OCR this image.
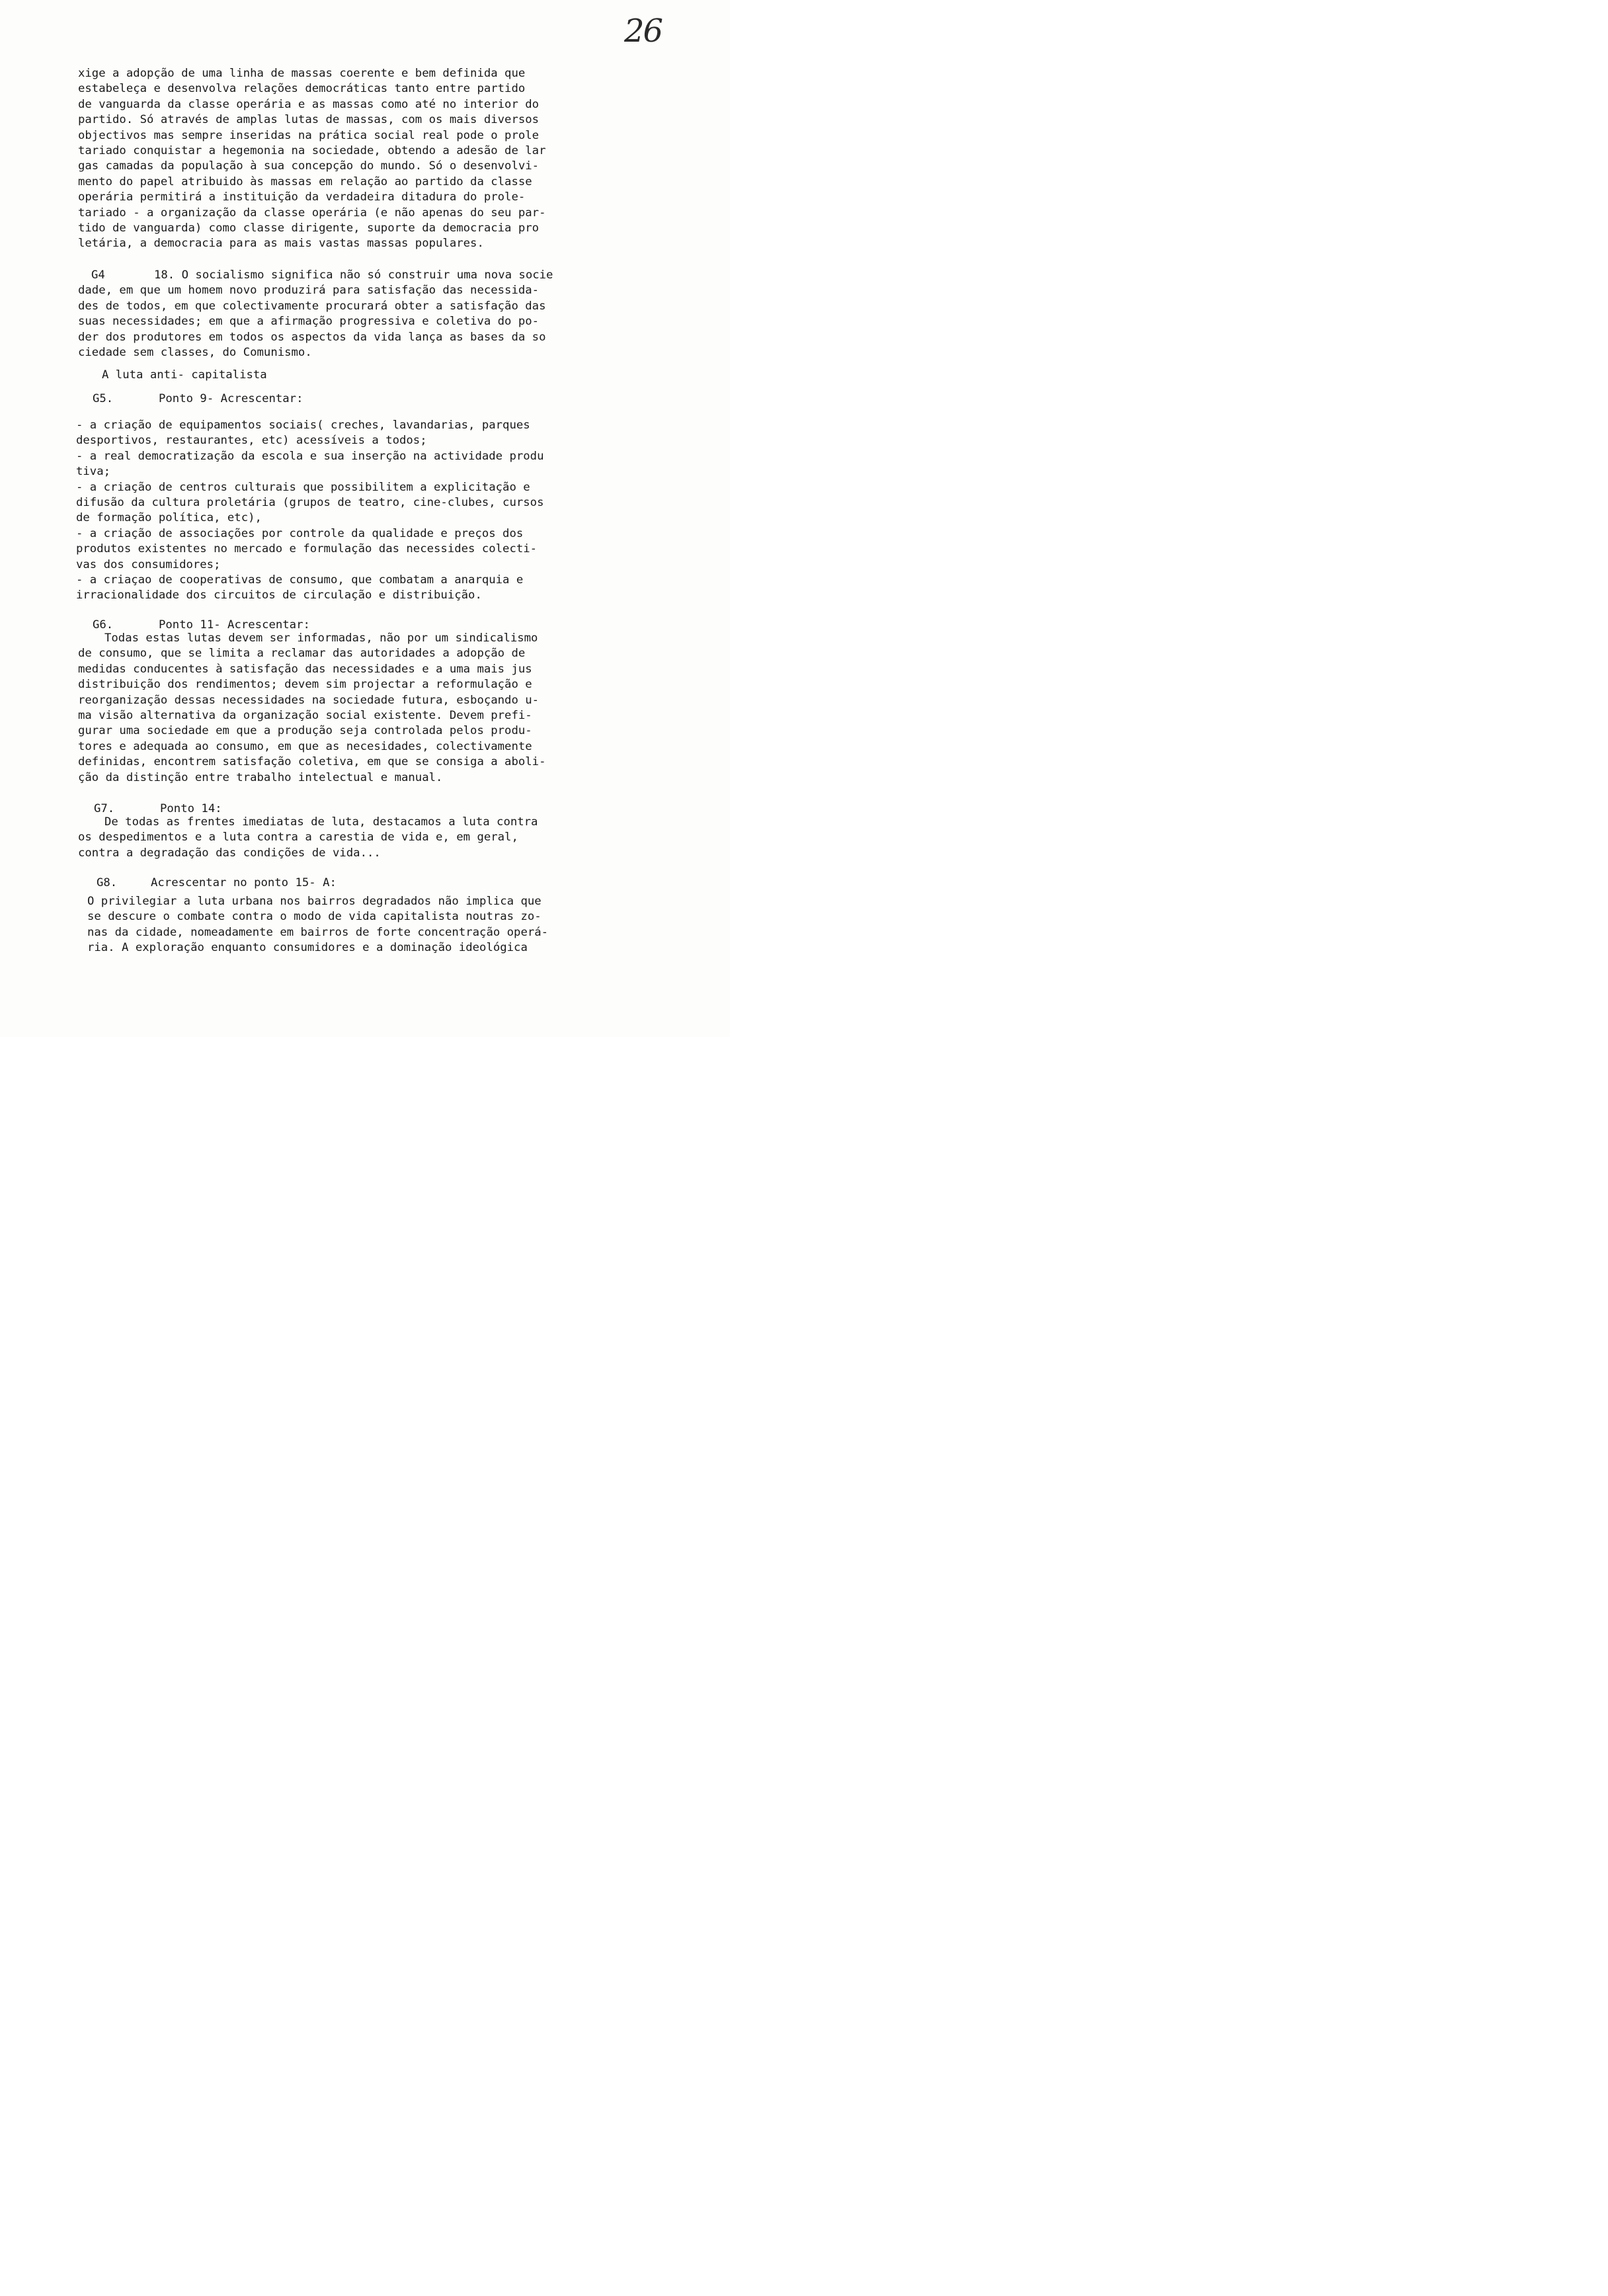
26
xige a adopção de uma linha de massas coerente e bem definida que
estabeleça e desenvolva relações democráticas tanto entre partido
de vanguarda da classe operária e as massas como até no interior do
partido. Só através de amplas lutas de massas, com os mais diversos
objectivos mas sempre inseridas na prática social real pode o prole
tariado conquistar a hegemonia na sociedade, obtendo a adesão de lar
gas camadas da população à sua concepção do mundo. Só o desenvolvi-
mento do papel atribuido às massas em relação ao partido da classe
operária permitirá a instituição da verdadeira ditadura do prole-
tariado - a organização da classe operária (e não apenas do seu par-
tido de vanguarda) como classe dirigente, suporte da democracia pro
letária, a democracia para as mais vastas massas populares.
G4	18. O socialismo significa não só construir uma nova socie
dade, em que um homem novo produzirá para satisfação das necessida-
des de todos, em que colectivamente procurará obter a satisfação das
suas necessidades; em que a afirmação progressiva e coletiva do po-
der dos produtores em todos os aspectos da vida lança as bases da so
ciedade sem classes, do Comunismo.
A luta anti- capitalista
G5.	Ponto 9- Acrescentar:
- a criação de equipamentos sociais( creches, lavandarias, parques
desportivos, restaurantes, etc) acessíveis a todos;
- a real democratização da escola e sua inserção na actividade produ
tiva;
- a criação de centros culturais que possibilitem a explicitação e
difusão da cultura proletária (grupos de teatro, cine-clubes, cursos
de formação política, etc),
- a criação de associações por controle da qualidade e preços dos
produtos existentes no mercado e formulação das necessides colecti-
vas dos consumidores;
- a criaçao de cooperativas de consumo, que combatam a anarquia e
irracionalidade dos circuitos de circulação e distribuição.
G6.	Ponto 11- Acrescentar:
Todas estas lutas devem ser informadas, não por um sindicalismo
de consumo, que se limita a reclamar das autoridades a adopção de
medidas conducentes à satisfação das necessidades e a uma mais jus
distribuição dos rendimentos; devem sim projectar a reformulação e
reorganização dessas necessidades na sociedade futura, esboçando u-
ma visão alternativa da organização social existente. Devem prefi-
gurar uma sociedade em que a produção seja controlada pelos produ-
tores e adequada ao consumo, em que as necesidades, colectivamente
definidas, encontrem satisfação coletiva, em que se consiga a aboli-
ção da distinção entre trabalho intelectual e manual.
G7.	Ponto 14:
De todas as frentes imediatas de luta, destacamos a luta contra
os despedimentos e a luta contra a carestia de vida e, em geral,
contra a degradação das condições de vida...
G8.	Acrescentar no ponto 15- A:
O privilegiar a luta urbana nos bairros degradados não implica que
se descure o combate contra o modo de vida capitalista noutras zo-
nas da cidade, nomeadamente em bairros de forte concentração operá-
ria. A exploração enquanto consumidores e a dominação ideológica
